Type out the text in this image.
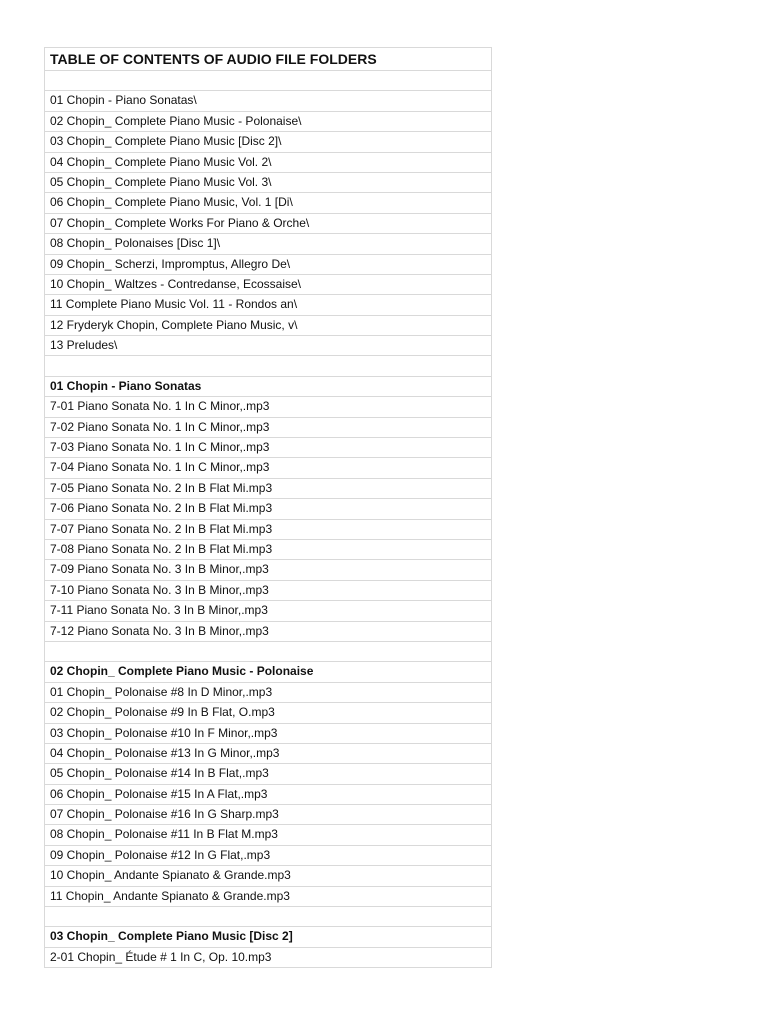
TABLE OF CONTENTS OF AUDIO FILE FOLDERS
01 Chopin - Piano Sonatas\
02 Chopin_ Complete Piano Music - Polonaise\
03 Chopin_ Complete Piano Music [Disc 2]\
04 Chopin_ Complete Piano Music Vol. 2\
05 Chopin_ Complete Piano Music Vol. 3\
06 Chopin_ Complete Piano Music, Vol. 1 [Di\
07 Chopin_ Complete Works For Piano & Orche\
08 Chopin_ Polonaises [Disc 1]\
09 Chopin_ Scherzi, Impromptus, Allegro De\
10 Chopin_ Waltzes - Contredanse, Ecossaise\
11 Complete Piano Music Vol. 11 - Rondos an\
12 Fryderyk Chopin, Complete Piano Music, v\
13 Preludes\
01 Chopin - Piano Sonatas
7-01 Piano Sonata No. 1 In C Minor,.mp3
7-02 Piano Sonata No. 1 In C Minor,.mp3
7-03 Piano Sonata No. 1 In C Minor,.mp3
7-04 Piano Sonata No. 1 In C Minor,.mp3
7-05 Piano Sonata No. 2 In B Flat Mi.mp3
7-06 Piano Sonata No. 2 In B Flat Mi.mp3
7-07 Piano Sonata No. 2 In B Flat Mi.mp3
7-08 Piano Sonata No. 2 In B Flat Mi.mp3
7-09 Piano Sonata No. 3 In B Minor,.mp3
7-10 Piano Sonata No. 3 In B Minor,.mp3
7-11 Piano Sonata No. 3 In B Minor,.mp3
7-12 Piano Sonata No. 3 In B Minor,.mp3
02 Chopin_ Complete Piano Music - Polonaise
01 Chopin_ Polonaise #8 In D Minor,.mp3
02 Chopin_ Polonaise #9 In B Flat, O.mp3
03 Chopin_ Polonaise #10 In F Minor,.mp3
04 Chopin_ Polonaise #13 In G Minor,.mp3
05 Chopin_ Polonaise #14 In B Flat,.mp3
06 Chopin_ Polonaise #15 In A Flat,.mp3
07 Chopin_ Polonaise #16 In G Sharp.mp3
08 Chopin_ Polonaise #11 In B Flat M.mp3
09 Chopin_ Polonaise #12 In G Flat,.mp3
10 Chopin_ Andante Spianato & Grande.mp3
11 Chopin_ Andante Spianato & Grande.mp3
03 Chopin_ Complete Piano Music [Disc 2]
2-01 Chopin_ Étude # 1 In C, Op. 10.mp3
